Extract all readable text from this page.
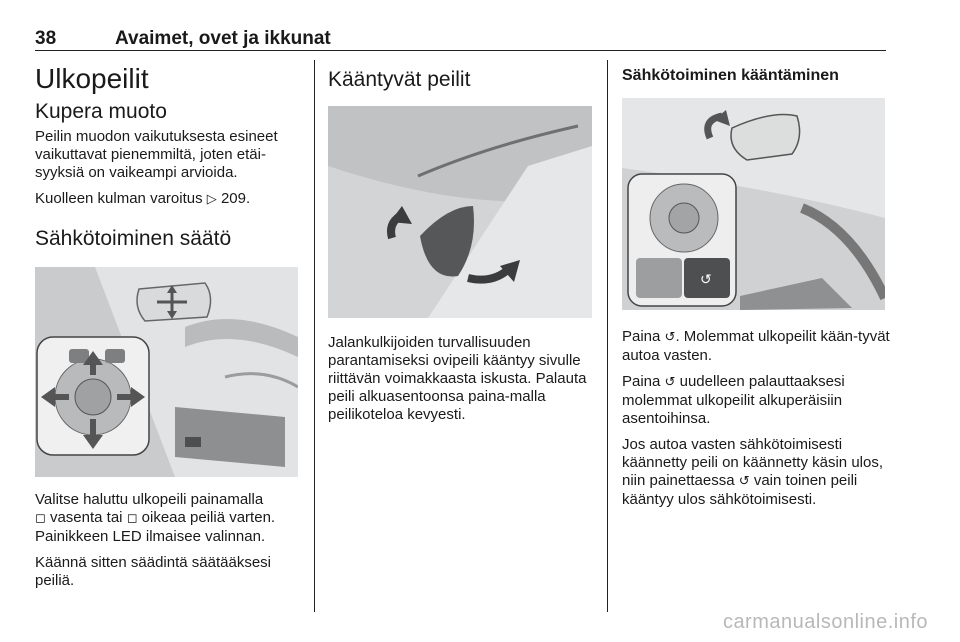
38	Avaimet, ovet ja ikkunat
Ulkopeilit
Kupera muoto

Peilin muodon vaikutuksesta esineet vaikuttavat pienemmiltä, joten etäi-syyksiä on vaikeampi arvioida.

Kuolleen kulman varoitus ▷ 209.

Sähkötoiminen säätö

Valitse haluttu ulkopeili painamalla
◻ vasenta tai ◻ oikeaa peiliä varten. Painikkeen LED ilmaisee valinnan.

Käännä sitten säädintä säätääksesi peiliä.

Kääntyvät peilit

Jalankulkijoiden turvallisuuden parantamiseksi ovipeili kääntyy sivulle riittävän voimakkaasta iskusta. Palauta peili alkuasentoonsa paina-malla peilikoteloa kevyesti.

Sähkötoiminen kääntäminen
↺

Paina ↺. Molemmat ulkopeilit kään-tyvät autoa vasten.

Paina ↺ uudelleen palauttaaksesi molemmat ulkopeilit alkuperäisiin asentoihinsa.

Jos autoa vasten sähkötoimisesti käännetty peili on käännetty käsin ulos, niin painettaessa ↺ vain toinen peili kääntyy ulos sähkötoimisesti.

carmanualsonline.info
